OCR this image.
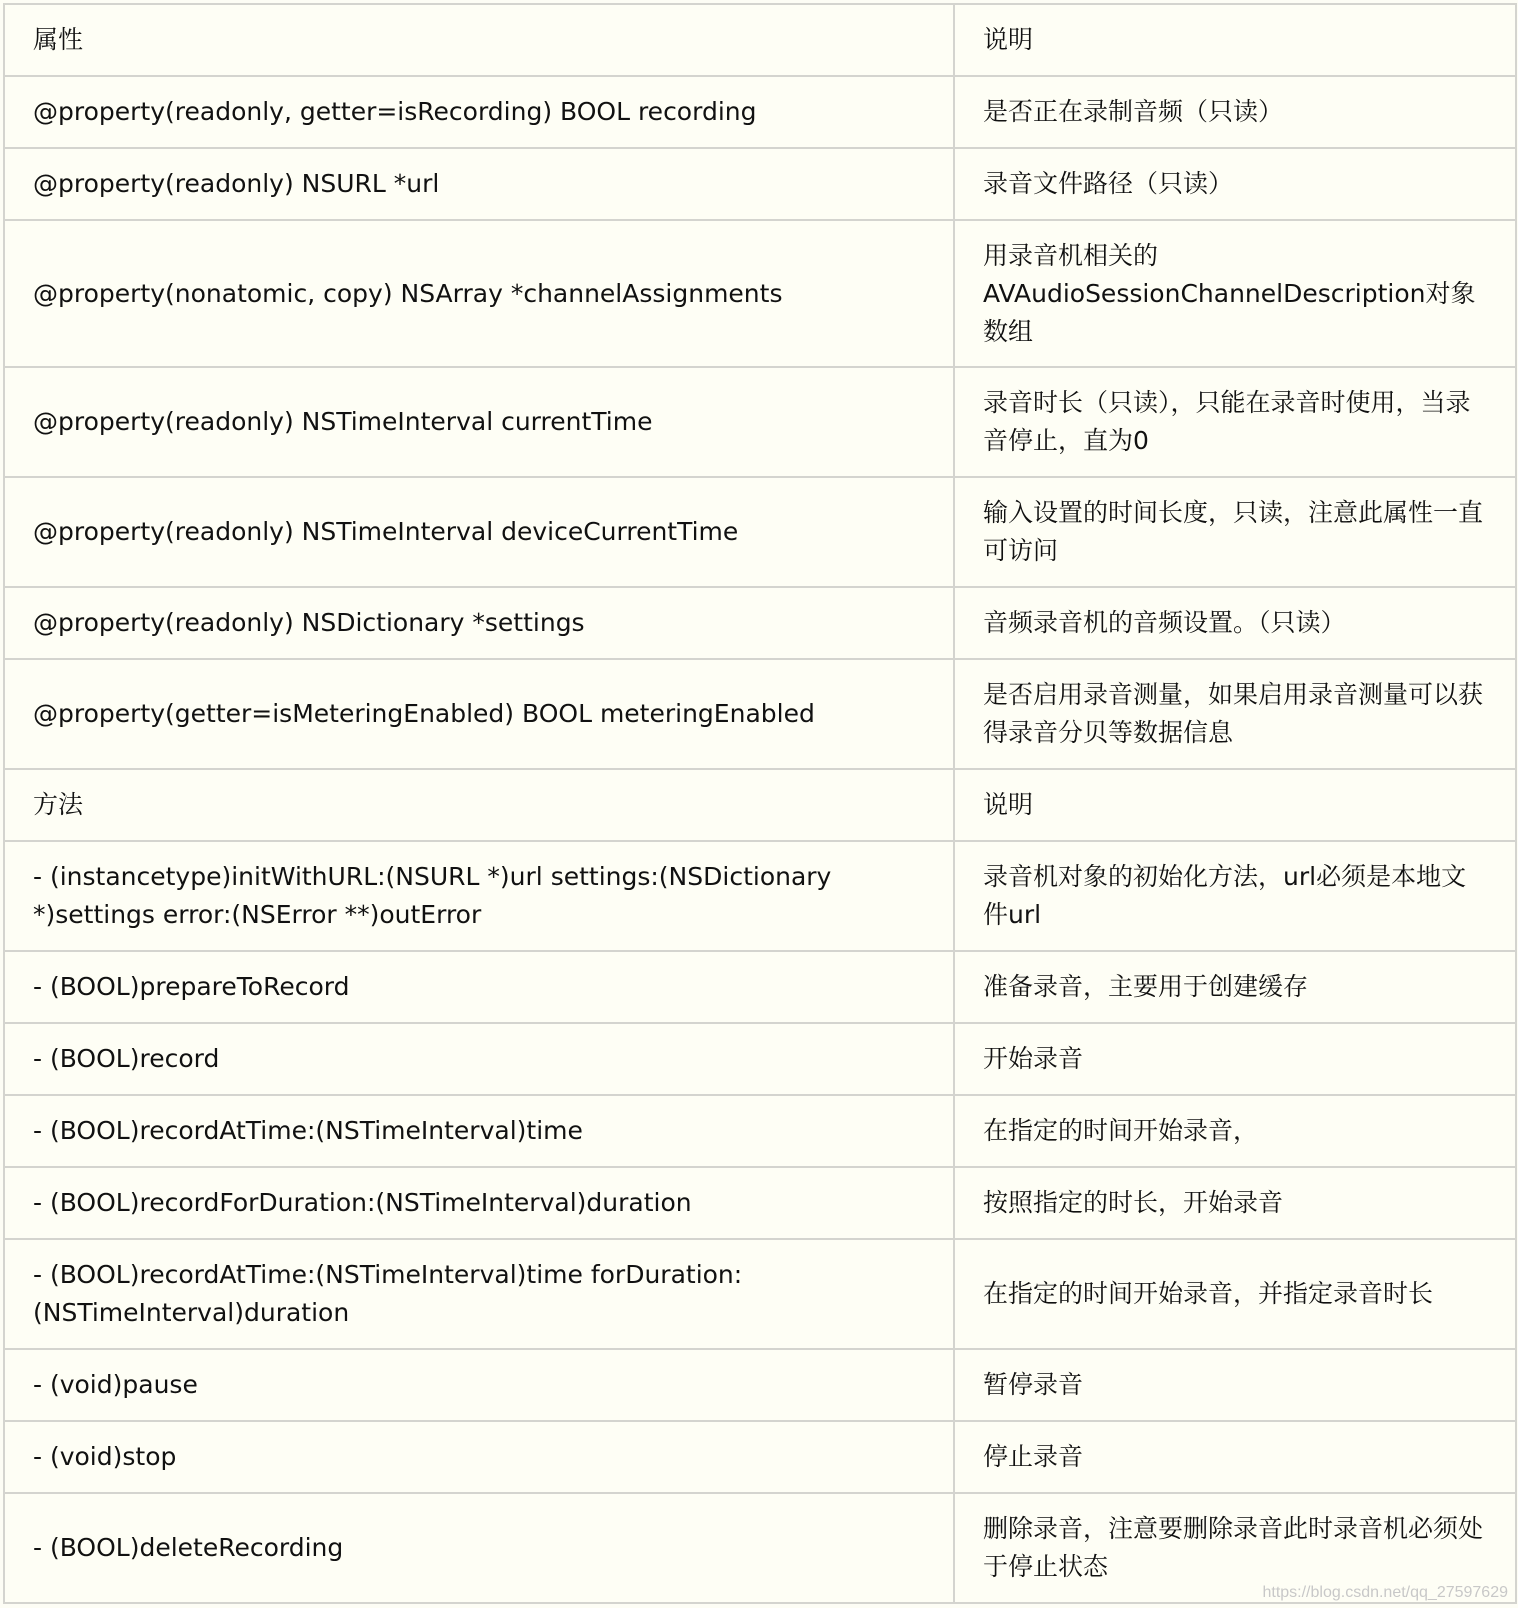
属性	说明
@property(readonly, getter=isRecording) BOOL recording	是否正在录制音频（只读）
@property(readonly) NSURL *url	录音文件路径（只读）
@property(nonatomic, copy) NSArray *channelAssignments	用录音机相关的AVAudioSessionChannelDescription对象数组
@property(readonly) NSTimeInterval currentTime	录音时长（只读），只能在录音时使用，当录音停止，直为0
@property(readonly) NSTimeInterval deviceCurrentTime	输入设置的时间长度，只读，注意此属性一直可访问
@property(readonly) NSDictionary *settings	音频录音机的音频设置。（只读）
@property(getter=isMeteringEnabled) BOOL meteringEnabled	是否启用录音测量，如果启用录音测量可以获得录音分贝等数据信息
方法	说明
- (instancetype)initWithURL:(NSURL *)url settings:(NSDictionary *)settings error:(NSError **)outError	录音机对象的初始化方法，url必须是本地文件url
- (BOOL)prepareToRecord	准备录音，主要用于创建缓存
- (BOOL)record	开始录音
- (BOOL)recordAtTime:(NSTimeInterval)time	在指定的时间开始录音，
- (BOOL)recordForDuration:(NSTimeInterval)duration	按照指定的时长，开始录音
- (BOOL)recordAtTime:(NSTimeInterval)time forDuration:(NSTimeInterval)duration	在指定的时间开始录音，并指定录音时长
- (void)pause	暂停录音
- (void)stop	停止录音
- (BOOL)deleteRecording	删除录音，注意要删除录音此时录音机必须处于停止状态
https://blog.csdn.net/qq_27597629
